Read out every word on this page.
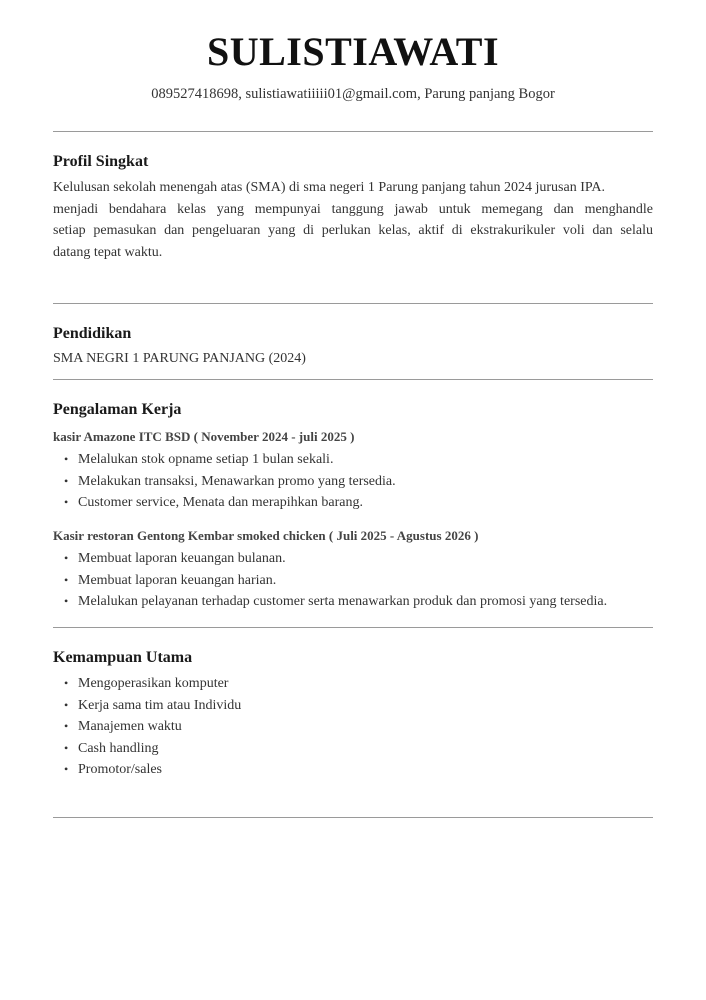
SULISTIAWATI
089527418698, sulistiawatiiiii01@gmail.com, Parung panjang Bogor
Profil Singkat
Kelulusan sekolah menengah atas (SMA) di sma negeri 1 Parung panjang tahun 2024 jurusan IPA.
menjadi bendahara kelas yang mempunyai tanggung jawab untuk memegang dan menghandle
setiap pemasukan dan pengeluaran yang di perlukan kelas, aktif di ekstrakurikuler voli dan selalu
datang tepat waktu.
Pendidikan
SMA NEGRI 1 PARUNG PANJANG (2024)
Pengalaman Kerja
kasir Amazone ITC BSD ( November 2024 - juli 2025 )
• Melalukan stok opname setiap 1 bulan sekali.
• Melakukan transaksi, Menawarkan promo yang tersedia.
• Customer service, Menata dan merapihkan barang.
Kasir restoran Gentong Kembar smoked chicken ( Juli 2025 - Agustus 2026 )
• Membuat laporan keuangan bulanan.
• Membuat laporan keuangan harian.
• Melalukan pelayanan terhadap customer serta menawarkan produk dan promosi yang tersedia.
Kemampuan Utama
• Mengoperasikan komputer
• Kerja sama tim atau Individu
• Manajemen waktu
• Cash handling
• Promotor/sales
